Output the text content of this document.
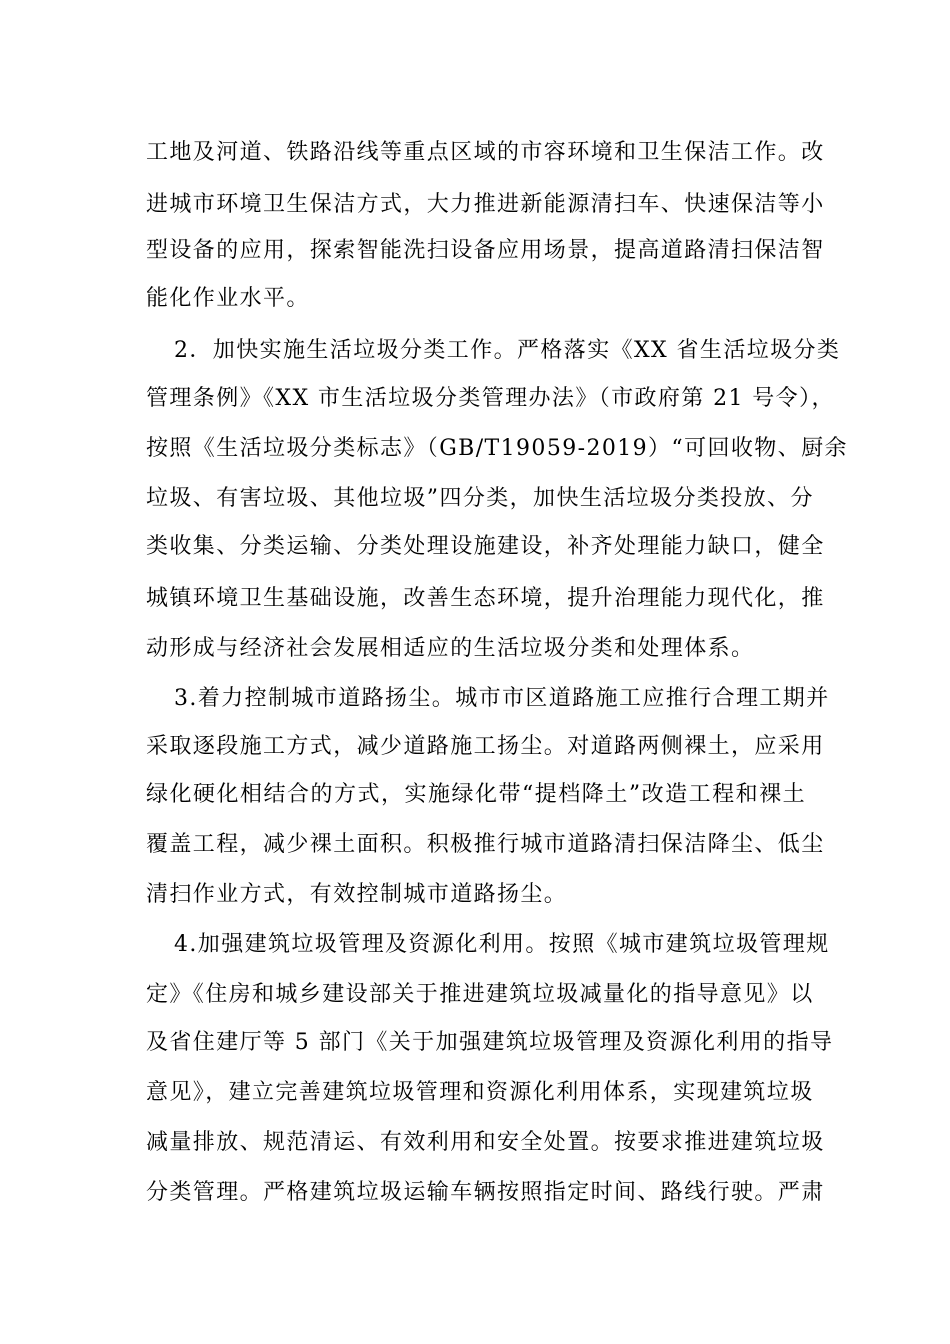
工地及河道、铁路沿线等重点区域的市容环境和卫生保洁工作。改
进城市环境卫生保洁方式，大力推进新能源清扫车、快速保洁等小
型设备的应用，探索智能洗扫设备应用场景，提高道路清扫保洁智
能化作业水平。
2．加快实施生活垃圾分类工作。严格落实《XX 省生活垃圾分类
管理条例》《XX 市生活垃圾分类管理办法》（市政府第 21 号令），
按照《生活垃圾分类标志》（GB/T19059-2019）“可回收物、厨余
垃圾、有害垃圾、其他垃圾”四分类，加快生活垃圾分类投放、分
类收集、分类运输、分类处理设施建设，补齐处理能力缺口，健全
城镇环境卫生基础设施，改善生态环境，提升治理能力现代化，推
动形成与经济社会发展相适应的生活垃圾分类和处理体系。
3.着力控制城市道路扬尘。城市市区道路施工应推行合理工期并
采取逐段施工方式，减少道路施工扬尘。对道路两侧裸土，应采用
绿化硬化相结合的方式，实施绿化带“提档降土”改造工程和裸土
覆盖工程，减少裸土面积。积极推行城市道路清扫保洁降尘、低尘
清扫作业方式，有效控制城市道路扬尘。
4.加强建筑垃圾管理及资源化利用。按照《城市建筑垃圾管理规
定》《住房和城乡建设部关于推进建筑垃圾减量化的指导意见》以
及省住建厅等 5 部门《关于加强建筑垃圾管理及资源化利用的指导
意见》，建立完善建筑垃圾管理和资源化利用体系，实现建筑垃圾
减量排放、规范清运、有效利用和安全处置。按要求推进建筑垃圾
分类管理。严格建筑垃圾运输车辆按照指定时间、路线行驶。严肃
